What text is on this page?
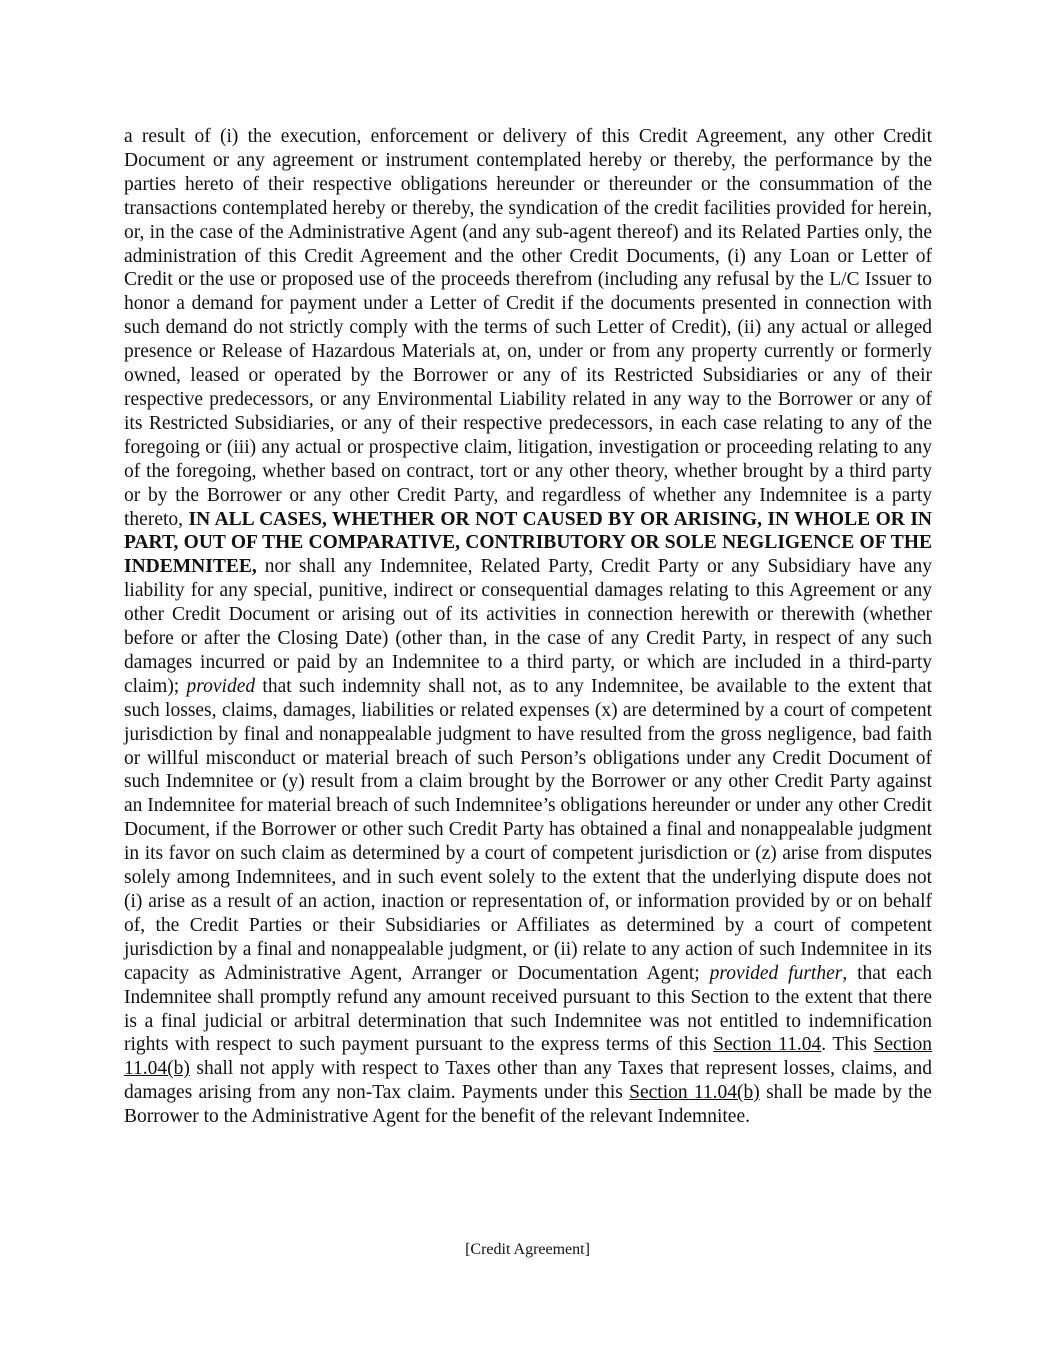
a result of (i) the execution, enforcement or delivery of this Credit Agreement, any other Credit Document or any agreement or instrument contemplated hereby or thereby, the performance by the parties hereto of their respective obligations hereunder or thereunder or the consummation of the transactions contemplated hereby or thereby, the syndication of the credit facilities provided for herein, or, in the case of the Administrative Agent (and any sub-agent thereof) and its Related Parties only, the administration of this Credit Agreement and the other Credit Documents, (i) any Loan or Letter of Credit or the use or proposed use of the proceeds therefrom (including any refusal by the L/C Issuer to honor a demand for payment under a Letter of Credit if the documents presented in connection with such demand do not strictly comply with the terms of such Letter of Credit), (ii) any actual or alleged presence or Release of Hazardous Materials at, on, under or from any property currently or formerly owned, leased or operated by the Borrower or any of its Restricted Subsidiaries or any of their respective predecessors, or any Environmental Liability related in any way to the Borrower or any of its Restricted Subsidiaries, or any of their respective predecessors, in each case relating to any of the foregoing or (iii) any actual or prospective claim, litigation, investigation or proceeding relating to any of the foregoing, whether based on contract, tort or any other theory, whether brought by a third party or by the Borrower or any other Credit Party, and regardless of whether any Indemnitee is a party thereto, IN ALL CASES, WHETHER OR NOT CAUSED BY OR ARISING, IN WHOLE OR IN PART, OUT OF THE COMPARATIVE, CONTRIBUTORY OR SOLE NEGLIGENCE OF THE INDEMNITEE, nor shall any Indemnitee, Related Party, Credit Party or any Subsidiary have any liability for any special, punitive, indirect or consequential damages relating to this Agreement or any other Credit Document or arising out of its activities in connection herewith or therewith (whether before or after the Closing Date) (other than, in the case of any Credit Party, in respect of any such damages incurred or paid by an Indemnitee to a third party, or which are included in a third-party claim); provided that such indemnity shall not, as to any Indemnitee, be available to the extent that such losses, claims, damages, liabilities or related expenses (x) are determined by a court of competent jurisdiction by final and nonappealable judgment to have resulted from the gross negligence, bad faith or willful misconduct or material breach of such Person’s obligations under any Credit Document of such Indemnitee or (y) result from a claim brought by the Borrower or any other Credit Party against an Indemnitee for material breach of such Indemnitee’s obligations hereunder or under any other Credit Document, if the Borrower or other such Credit Party has obtained a final and nonappealable judgment in its favor on such claim as determined by a court of competent jurisdiction or (z) arise from disputes solely among Indemnitees, and in such event solely to the extent that the underlying dispute does not (i) arise as a result of an action, inaction or representation of, or information provided by or on behalf of, the Credit Parties or their Subsidiaries or Affiliates as determined by a court of competent jurisdiction by a final and nonappealable judgment, or (ii) relate to any action of such Indemnitee in its capacity as Administrative Agent, Arranger or Documentation Agent; provided further, that each Indemnitee shall promptly refund any amount received pursuant to this Section to the extent that there is a final judicial or arbitral determination that such Indemnitee was not entitled to indemnification rights with respect to such payment pursuant to the express terms of this Section 11.04. This Section 11.04(b) shall not apply with respect to Taxes other than any Taxes that represent losses, claims, and damages arising from any non-Tax claim. Payments under this Section 11.04(b) shall be made by the Borrower to the Administrative Agent for the benefit of the relevant Indemnitee.

[Credit Agreement]
